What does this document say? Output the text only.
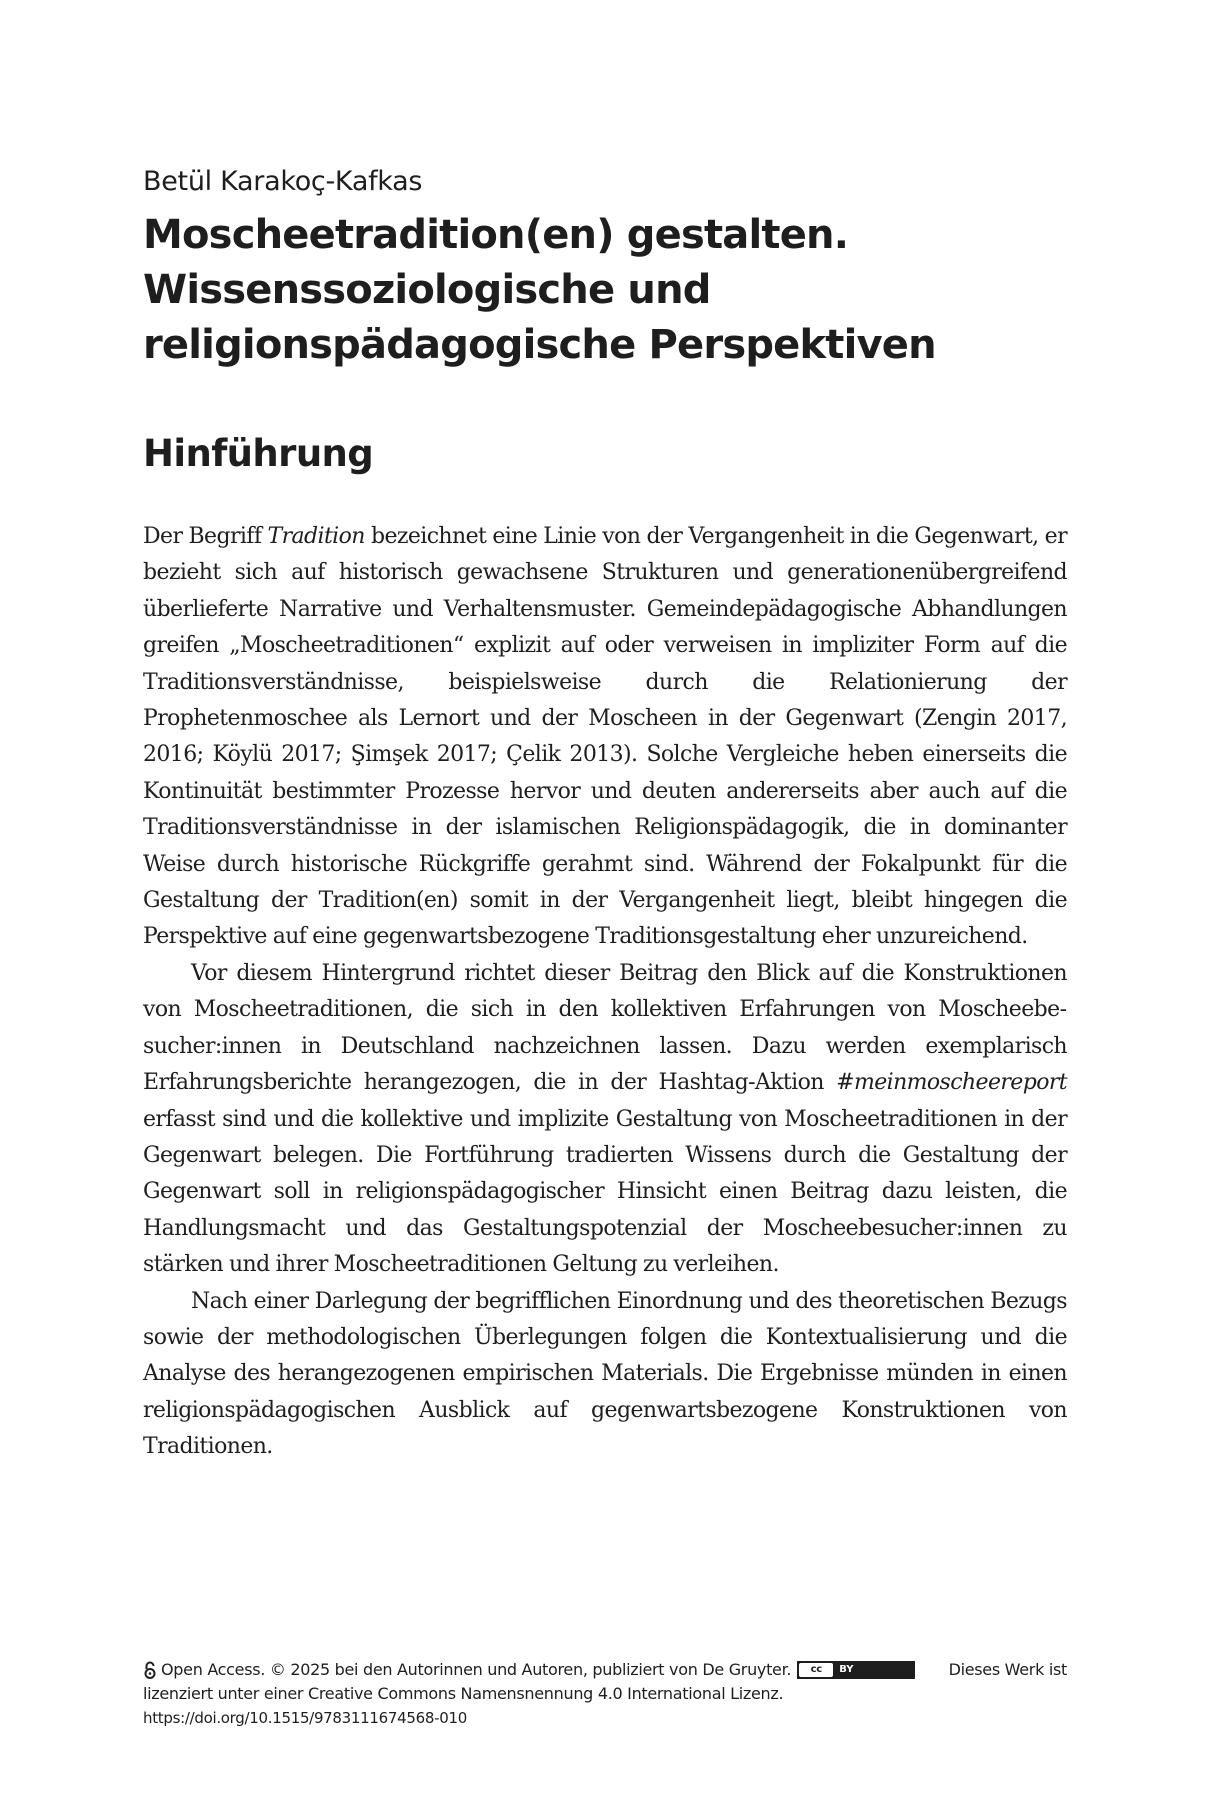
Betül Karakoç-Kafkas
Moscheetradition(en) gestalten.
Wissenssoziologische und
religionspädagogische Perspektiven
Hinführung

Der Begriff Tradition bezeichnet eine Linie von der Vergangenheit in die Gegenwart, er bezieht sich auf historisch gewachsene Strukturen und generationenübergreifend überlieferte Narrative und Verhaltensmuster. Gemeindepädagogische Abhandlungen greifen „Moscheetraditionen“ explizit auf oder verweisen in impliziter Form auf die Traditionsverständnisse, beispielsweise durch die Relationierung der Prophetenmoschee als Lernort und der Moscheen in der Gegenwart (Zengin 2017, 2016; Köylü 2017; Şimşek 2017; Çelik 2013). Solche Vergleiche heben einerseits die Kontinuität bestimmter Prozesse hervor und deuten andererseits aber auch auf die Traditionsverständnisse in der islamischen Religionspädagogik, die in dominanter Weise durch historische Rückgriffe gerahmt sind. Während der Fokalpunkt für die Gestaltung der Tradition(en) somit in der Vergangenheit liegt, bleibt hingegen die Perspektive auf eine gegenwartsbezogene Traditionsgestaltung eher unzureichend.

Vor diesem Hintergrund richtet dieser Beitrag den Blick auf die Konstruktionen von Moscheetraditionen, die sich in den kollektiven Erfahrungen von Moscheebesucher:innen in Deutschland nachzeichnen lassen. Dazu werden exemplarisch Erfahrungsberichte herangezogen, die in der Hashtag-Aktion #meinmoscheereport erfasst sind und die kollektive und implizite Gestaltung von Moscheetraditionen in der Gegenwart belegen. Die Fortführung tradierten Wissens durch die Gestaltung der Gegenwart soll in religionspädagogischer Hinsicht einen Beitrag dazu leisten, die Handlungsmacht und das Gestaltungspotenzial der Moscheebesucher:innen zu stärken und ihrer Moscheetraditionen Geltung zu verleihen.

Nach einer Darlegung der begrifflichen Einordnung und des theoretischen Bezugs sowie der methodologischen Überlegungen folgen die Kontextualisierung und die Analyse des herangezogenen empirischen Materials. Die Ergebnisse münden in einen religionspädagogischen Ausblick auf gegenwartsbezogene Konstruktionen von Traditionen.

Open Access. © 2025 bei den Autorinnen und Autoren, publiziert von De Gruyter.	cc	BY	Dieses Werk ist
lizenziert unter einer Creative Commons Namensnennung 4.0 International Lizenz.
https://doi.org/10.1515/9783111674568-010
